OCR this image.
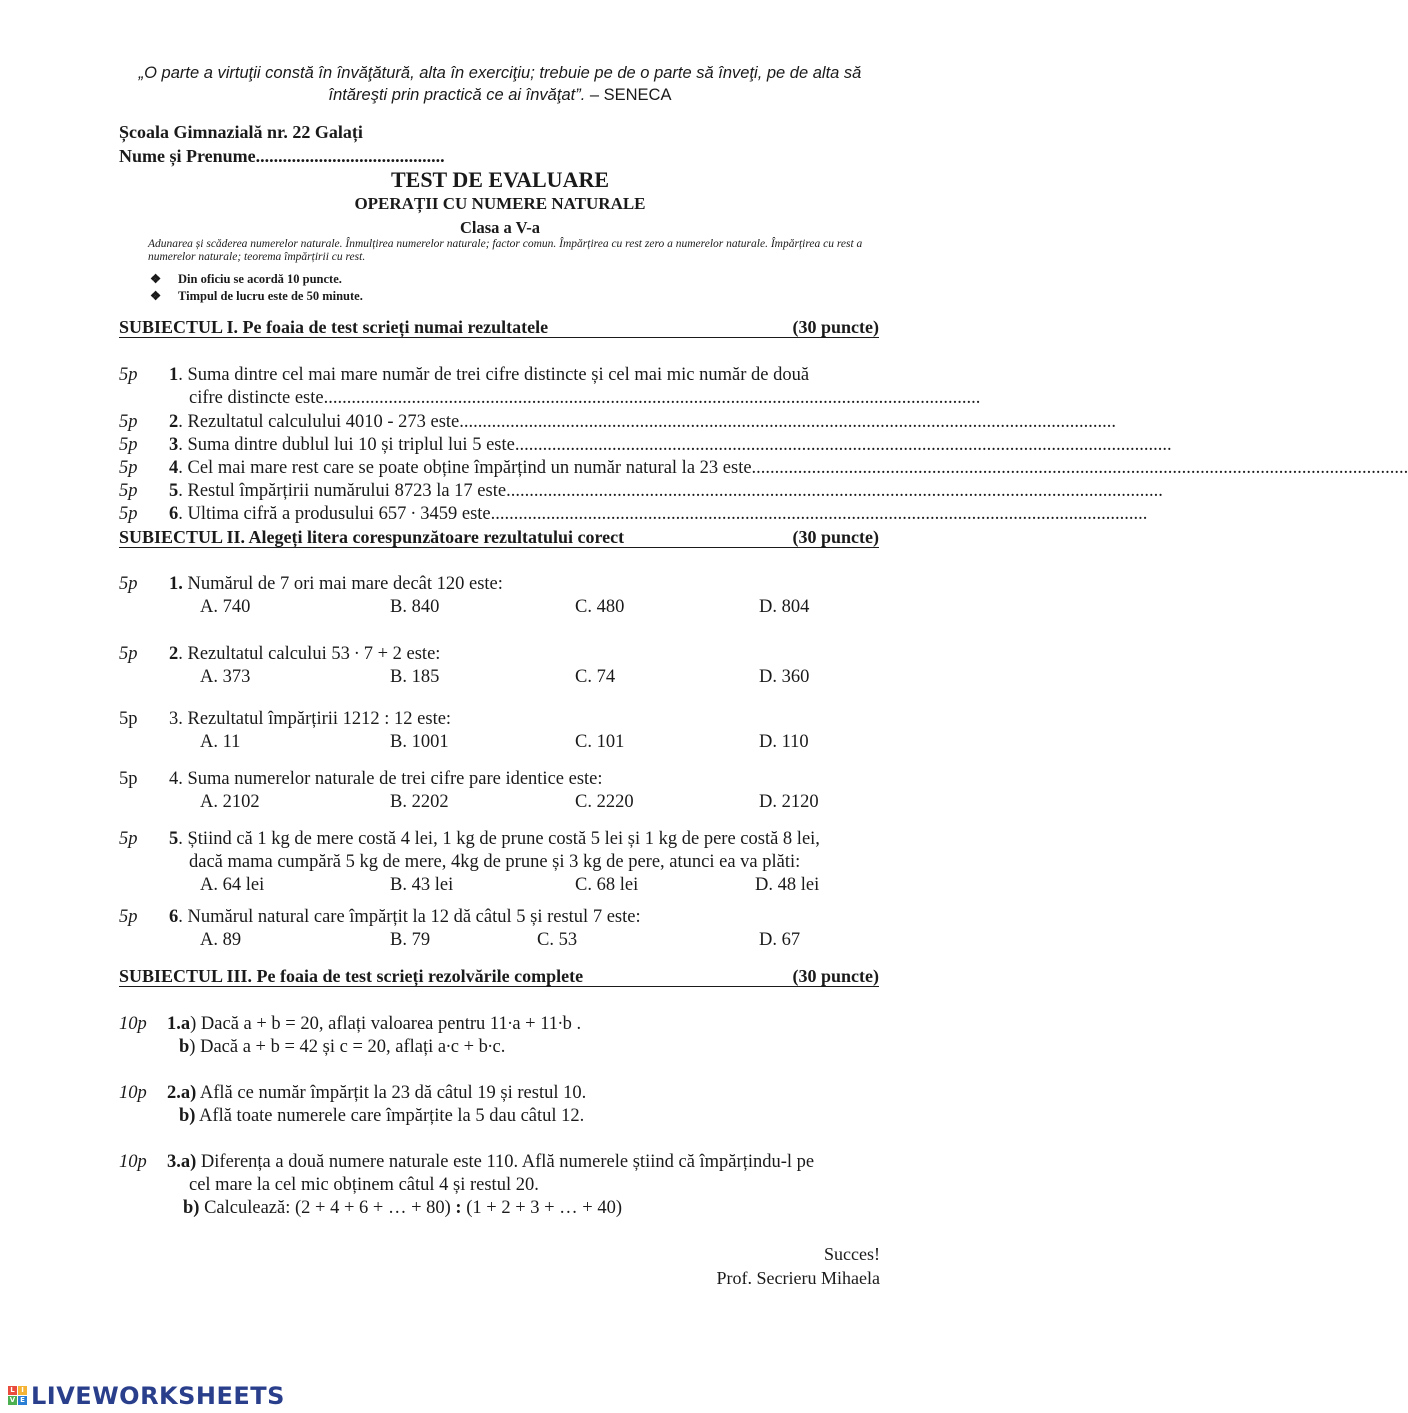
„O parte a virtuţii constă în învăţătură, alta în exerciţiu; trebuie pe de o parte să înveţi, pe de alta să
întăreşti prin practică ce ai învăţat”. – SENECA
Școala Gimnazială nr. 22 Galați
Nume și Prenume..........................................
TEST DE EVALUARE
OPERAȚII CU NUMERE NATURALE
Clasa a V-a
Adunarea și scăderea numerelor naturale. Înmulțirea numerelor naturale; factor comun. Împărțirea cu rest zero a numerelor naturale. Împărțirea cu rest a numerelor naturale; teorema împărțirii cu rest.
❖ Din oficiu se acordă 10 puncte.
❖ Timpul de lucru este de 50 minute.
SUBIECTUL I. Pe foaia de test scrieți numai rezultatele	(30 puncte)
5p 1. Suma dintre cel mai mare număr de trei cifre distincte și cel mai mic număr de două
cifre distincte este ..............................................................................................................................................
5p 2. Rezultatul calculului 4010 - 273 este ..............................................................................................................................................
5p 3. Suma dintre dublul lui 10 și triplul lui 5 este ..............................................................................................................................................
5p 4. Cel mai mare rest care se poate obține împărțind un număr natural la 23 este ..............................................................................................................................................
5p 5. Restul împărțirii numărului 8723 la 17 este ..............................................................................................................................................
5p 6. Ultima cifră a produsului 657 ∙ 3459 este ..............................................................................................................................................
SUBIECTUL II. Alegeți litera corespunzătoare rezultatului corect	(30 puncte)
5p 1. Numărul de 7 ori mai mare decât 120 este:
A. 740	B. 840	C. 480	D. 804
5p 2. Rezultatul calcului 53 ∙ 7 + 2 este:
A. 373	B. 185	C. 74	D. 360
5p 3. Rezultatul împărțirii 1212 : 12 este:
A. 11	B. 1001	C. 101	D. 110
5p 4. Suma numerelor naturale de trei cifre pare identice este:
A. 2102	B. 2202	C. 2220	D. 2120
5p 5. Știind că 1 kg de mere costă 4 lei, 1 kg de prune costă 5 lei și 1 kg de pere costă 8 lei,
dacă mama cumpără 5 kg de mere, 4kg de prune și 3 kg de pere, atunci ea va plăti:
A. 64 lei	B. 43 lei	C. 68 lei	D. 48 lei
5p 6. Numărul natural care împărțit la 12 dă câtul 5 și restul 7 este:
A. 89	B. 79	C. 53	D. 67
SUBIECTUL III. Pe foaia de test scrieți rezolvările complete	(30 puncte)
10p	1.a) Dacă a + b = 20, aflați valoarea pentru 11∙a + 11∙b .
b) Dacă a + b = 42 și c = 20, aflați a∙c + b∙c.
10p	2.a) Află ce număr împărțit la 23 dă câtul 19 și restul 10.
b) Află toate numerele care împărțite la 5 dau câtul 12.
10p	3.a) Diferența a două numere naturale este 110. Află numerele știind că împărțindu-l pe
cel mare la cel mic obținem câtul 4 și restul 20.
b) Calculează: (2 + 4 + 6 + … + 80) : (1 + 2 + 3 + … + 40)
Succes!
Prof. Secrieru Mihaela
L I
V E LIVEWORKSHEETS
